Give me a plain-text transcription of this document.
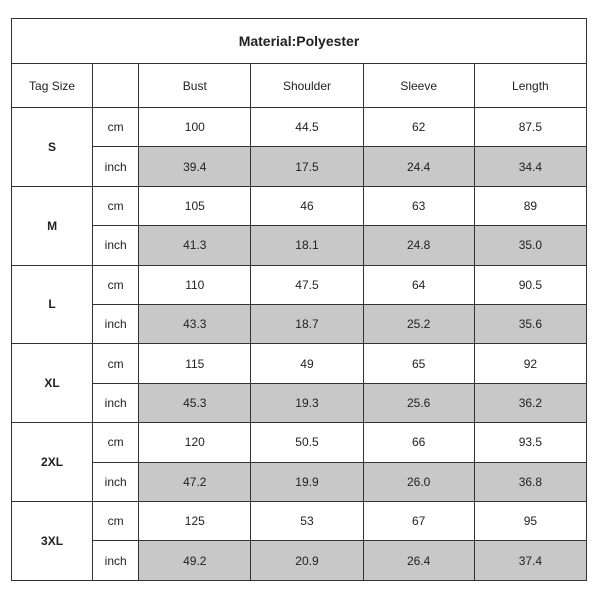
Material:Polyester					
Tag Size		Bust	Shoulder	Sleeve	Length
S	cm	100	44.5	62	87.5
	inch	39.4	17.5	24.4	34.4
M	cm	105	46	63	89
	inch	41.3	18.1	24.8	35.0
L	cm	110	47.5	64	90.5
	inch	43.3	18.7	25.2	35.6
XL	cm	115	49	65	92
	inch	45.3	19.3	25.6	36.2
2XL	cm	120	50.5	66	93.5
	inch	47.2	19.9	26.0	36.8
3XL	cm	125	53	67	95
	inch	49.2	20.9	26.4	37.4
